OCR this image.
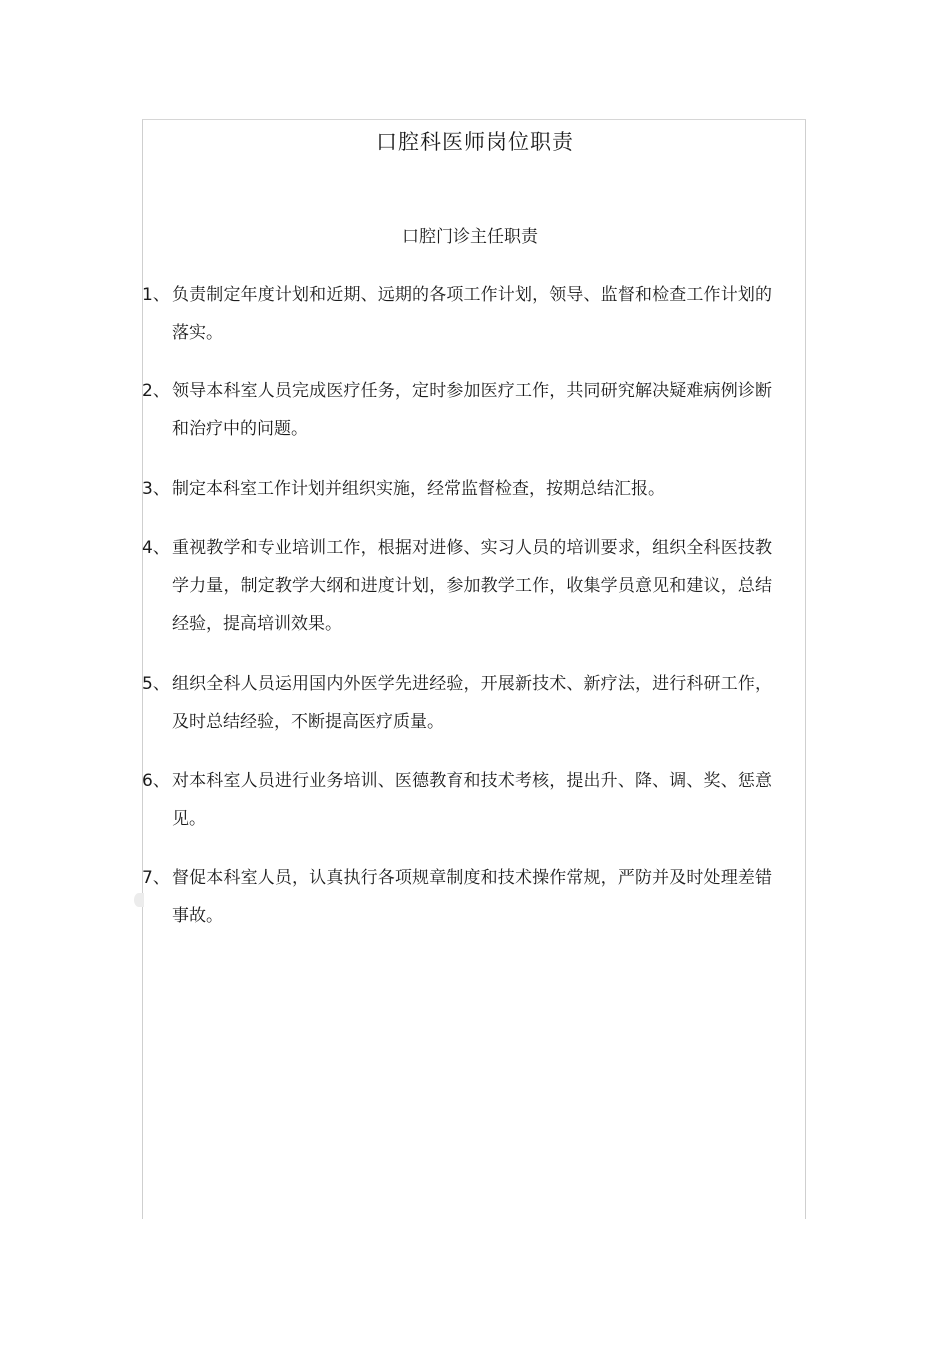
口腔科医师岗位职责
口腔门诊主任职责
1、 负责制定年度计划和近期、远期的各项工作计划，领导、监督和检查工作计划的落实。
2、 领导本科室人员完成医疗任务，定时参加医疗工作，共同研究解决疑难病例诊断和治疗中的问题。
3、 制定本科室工作计划并组织实施，经常监督检查，按期总结汇报。
4、 重视教学和专业培训工作，根据对进修、实习人员的培训要求，组织全科医技教学力量，制定教学大纲和进度计划，参加教学工作，收集学员意见和建议，总结经验，提高培训效果。
5、 组织全科人员运用国内外医学先进经验，开展新技术、新疗法，进行科研工作，及时总结经验，不断提高医疗质量。
6、 对本科室人员进行业务培训、医德教育和技术考核，提出升、降、调、奖、惩意见。
7、 督促本科室人员，认真执行各项规章制度和技术操作常规，严防并及时处理差错事故。
